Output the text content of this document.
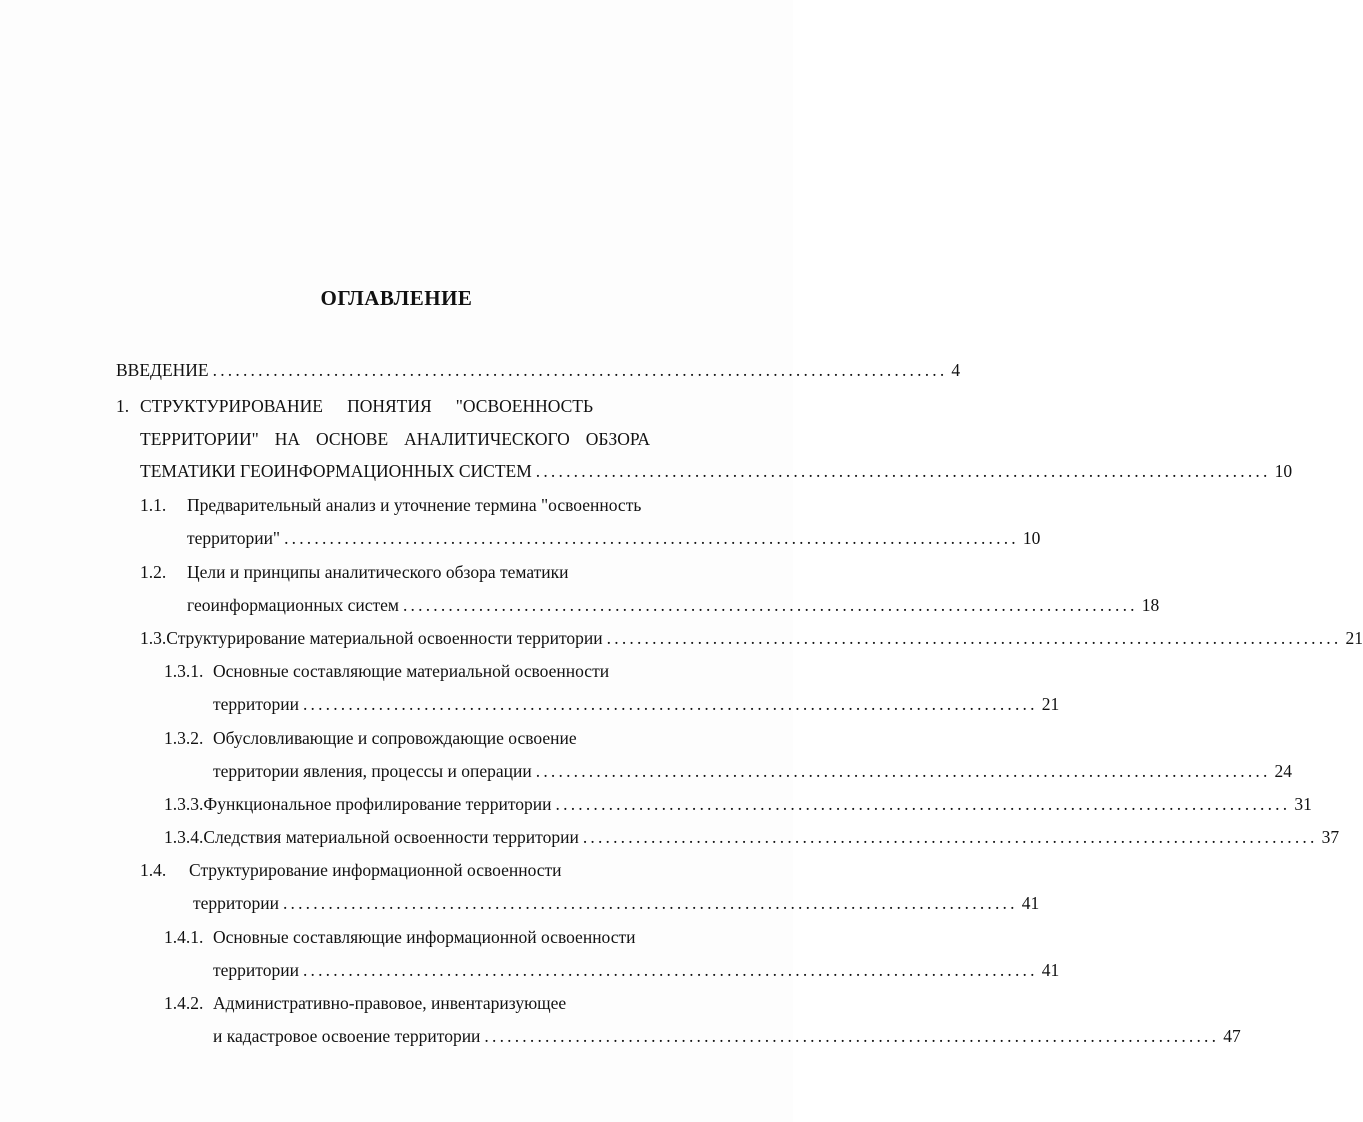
ОГЛАВЛЕНИЕ
ВВЕДЕНИЕ ................................................................................................. 4
1. СТРУКТУРИРОВАНИЕ ПОНЯТИЯ "ОСВОЕННОСТЬ
ТЕРРИТОРИИ" НА ОСНОВЕ АНАЛИТИЧЕСКОГО ОБЗОРА
ТЕМАТИКИ ГЕОИНФОРМАЦИОННЫХ СИСТЕМ ................................................................................................. 10
1.1.	Предварительный анализ и уточнение термина "освоенность
территории" ................................................................................................. 10
1.2.	Цели и принципы аналитического обзора тематики
геоинформационных систем ................................................................................................. 18
1.3. Структурирование материальной освоенности территории ................................................................................................. 21
1.3.1. Основные составляющие материальной освоенности
территории ................................................................................................. 21
1.3.2. Обусловливающие и сопровождающие освоение
территории явления, процессы и операции ................................................................................................. 24
1.3.3. Функциональное профилирование территории ................................................................................................. 31
1.3.4. Следствия материальной освоенности территории ................................................................................................. 37
1.4.	Структурирование информационной освоенности
территории ................................................................................................. 41
1.4.1. Основные составляющие информационной освоенности
территории ................................................................................................. 41
1.4.2. Административно-правовое, инвентаризующее
и кадастровое освоение территории ................................................................................................. 47
